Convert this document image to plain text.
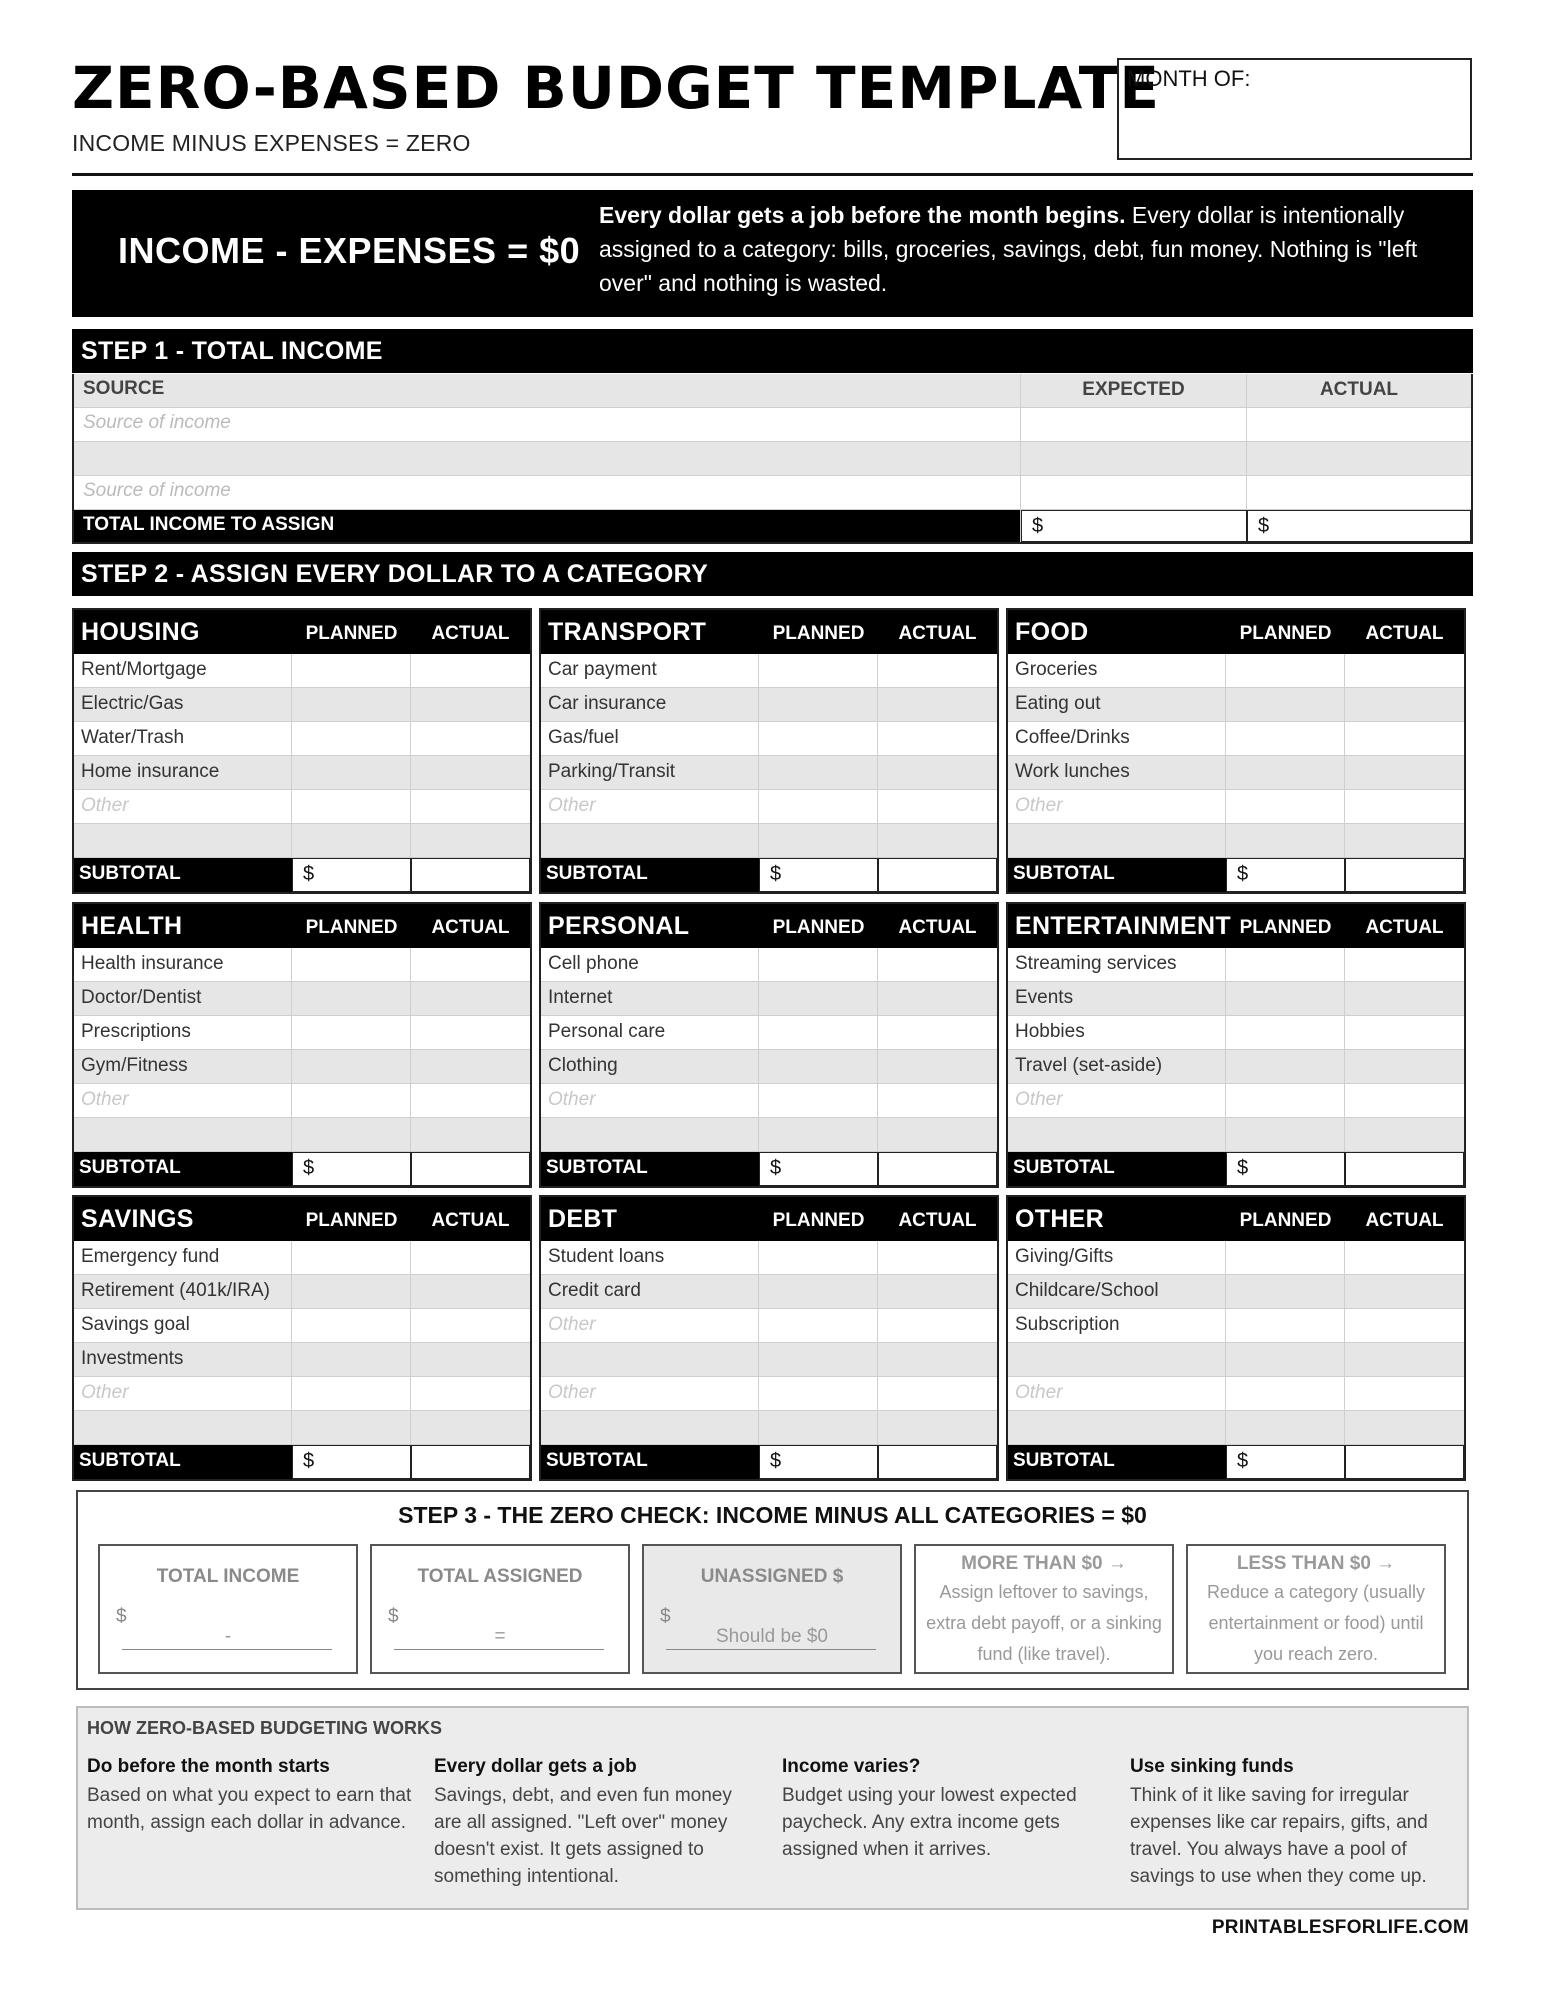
ZERO-BASED BUDGET TEMPLATE
INCOME MINUS EXPENSES = ZERO
MONTH OF:
INCOME - EXPENSES = $0
Every dollar gets a job before the month begins. Every dollar is intentionally assigned to a category: bills, groceries, savings, debt, fun money. Nothing is "left over" and nothing is wasted.
STEP 1 - TOTAL INCOME
SOURCE	EXPECTED	ACTUAL
Source of income
Source of income
TOTAL INCOME TO ASSIGN	$	$
STEP 2 - ASSIGN EVERY DOLLAR TO A CATEGORY
HOUSING	PLANNED	ACTUAL
Rent/Mortgage
Electric/Gas
Water/Trash
Home insurance
Other
SUBTOTAL	$
TRANSPORT	PLANNED	ACTUAL
Car payment
Car insurance
Gas/fuel
Parking/Transit
Other
SUBTOTAL	$
FOOD	PLANNED	ACTUAL
Groceries
Eating out
Coffee/Drinks
Work lunches
Other
SUBTOTAL	$
HEALTH	PLANNED	ACTUAL
Health insurance
Doctor/Dentist
Prescriptions
Gym/Fitness
Other
SUBTOTAL	$
PERSONAL	PLANNED	ACTUAL
Cell phone
Internet
Personal care
Clothing
Other
SUBTOTAL	$
ENTERTAINMENT PLANNED	ACTUAL
Streaming services
Events
Hobbies
Travel (set-aside)
Other
SUBTOTAL	$
SAVINGS	PLANNED	ACTUAL
Emergency fund
Retirement (401k/IRA)
Savings goal
Investments
Other
SUBTOTAL	$
DEBT	PLANNED	ACTUAL
Student loans
Credit card
Other
Other
SUBTOTAL	$
OTHER	PLANNED	ACTUAL
Giving/Gifts
Childcare/School
Subscription
Other
SUBTOTAL	$
STEP 3 - THE ZERO CHECK: INCOME MINUS ALL CATEGORIES = $0
TOTAL INCOME
$
-
TOTAL ASSIGNED
$
=
UNASSIGNED $
$
Should be $0
MORE THAN $0 →
Assign leftover to savings, extra debt payoff, or a sinking fund (like travel).
LESS THAN $0 →
Reduce a category (usually entertainment or food) until you reach zero.
HOW ZERO-BASED BUDGETING WORKS
Do before the month starts
Based on what you expect to earn that month, assign each dollar in advance.
Every dollar gets a job
Savings, debt, and even fun money are all assigned. "Left over" money doesn't exist. It gets assigned to something intentional.
Income varies?
Budget using your lowest expected paycheck. Any extra income gets assigned when it arrives.
Use sinking funds
Think of it like saving for irregular expenses like car repairs, gifts, and travel. You always have a pool of savings to use when they come up.
PRINTABLESFORLIFE.COM
